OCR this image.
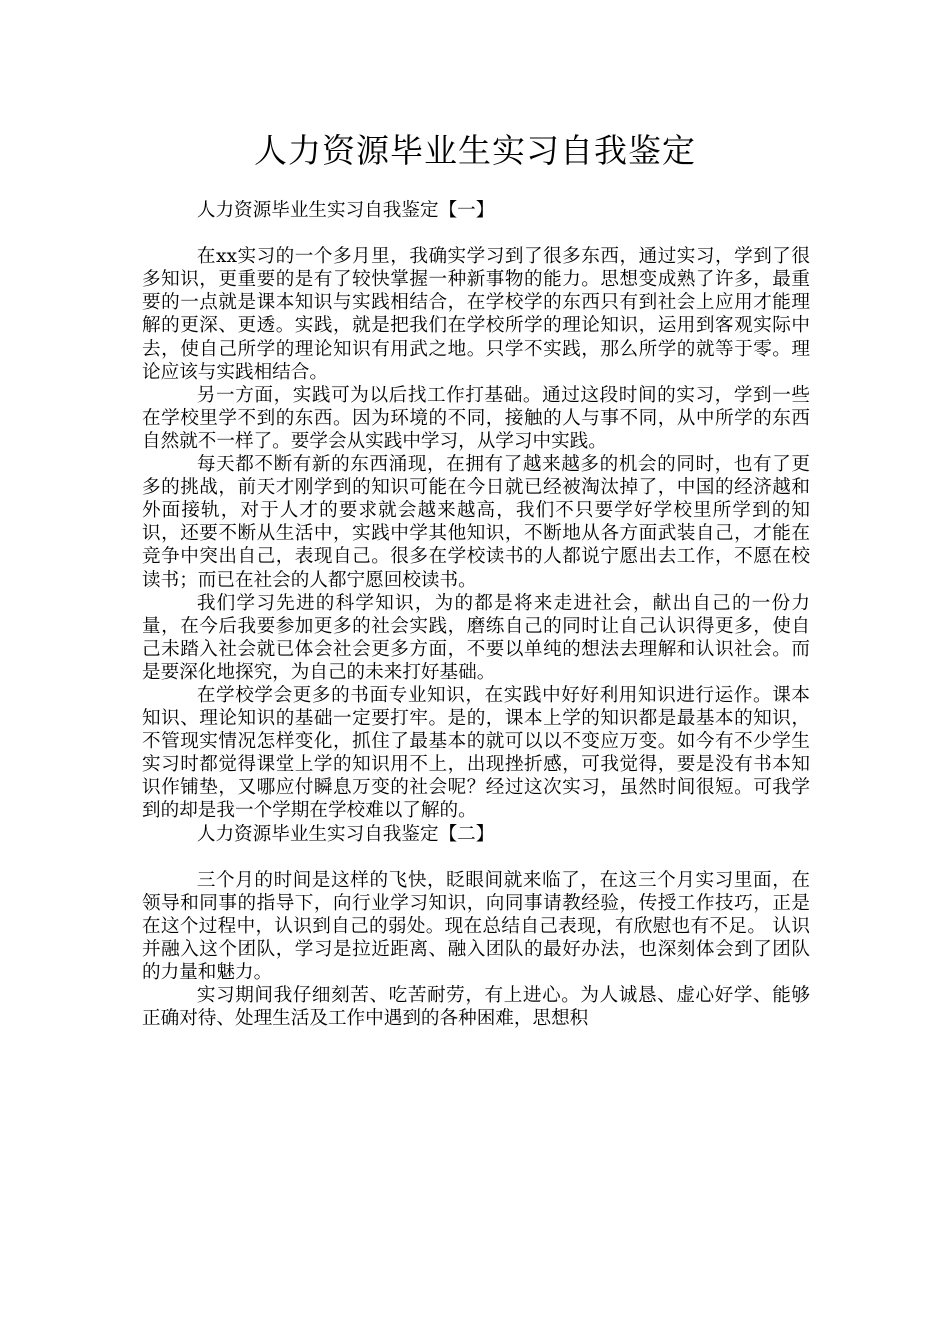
人力资源毕业生实习自我鉴定

人力资源毕业生实习自我鉴定【一】

在xx实习的一个多月里，我确实学习到了很多东西，通过实习，学到了很多知识，更重要的是有了较快掌握一种新事物的能力。思想变成熟了许多，最重要的一点就是课本知识与实践相结合，在学校学的东西只有到社会上应用才能理解的更深、更透。实践，就是把我们在学校所学的理论知识，运用到客观实际中去，使自己所学的理论知识有用武之地。只学不实践，那么所学的就等于零。理论应该与实践相结合。

另一方面，实践可为以后找工作打基础。通过这段时间的实习，学到一些在学校里学不到的东西。因为环境的不同，接触的人与事不同，从中所学的东西自然就不一样了。要学会从实践中学习，从学习中实践。

每天都不断有新的东西涌现，在拥有了越来越多的机会的同时，也有了更多的挑战，前天才刚学到的知识可能在今日就已经被淘汰掉了，中国的经济越和外面接轨，对于人才的要求就会越来越高，我们不只要学好学校里所学到的知识，还要不断从生活中，实践中学其他知识，不断地从各方面武装自己，才能在竞争中突出自己，表现自己。很多在学校读书的人都说宁愿出去工作，不愿在校读书；而已在社会的人都宁愿回校读书。

我们学习先进的科学知识，为的都是将来走进社会，献出自己的一份力量，在今后我要参加更多的社会实践，磨练自己的同时让自己认识得更多，使自己未踏入社会就已体会社会更多方面，不要以单纯的想法去理解和认识社会。而是要深化地探究，为自己的未来打好基础。

在学校学会更多的书面专业知识，在实践中好好利用知识进行运作。课本知识、理论知识的基础一定要打牢。是的，课本上学的知识都是最基本的知识，不管现实情况怎样变化，抓住了最基本的就可以以不变应万变。如今有不少学生实习时都觉得课堂上学的知识用不上，出现挫折感，可我觉得，要是没有书本知识作铺垫，又哪应付瞬息万变的社会呢？经过这次实习，虽然时间很短。可我学到的却是我一个学期在学校难以了解的。

人力资源毕业生实习自我鉴定【二】

三个月的时间是这样的飞快，眨眼间就来临了，在这三个月实习里面，在领导和同事的指导下，向行业学习知识，向同事请教经验，传授工作技巧，正是在这个过程中，认识到自己的弱处。现在总结自己表现，有欣慰也有不足。 认识并融入这个团队，学习是拉近距离、融入团队的最好办法，也深刻体会到了团队的力量和魅力。

实习期间我仔细刻苦、吃苦耐劳，有上进心。为人诚恳、虚心好学、能够正确对待、处理生活及工作中遇到的各种困难，思想积
